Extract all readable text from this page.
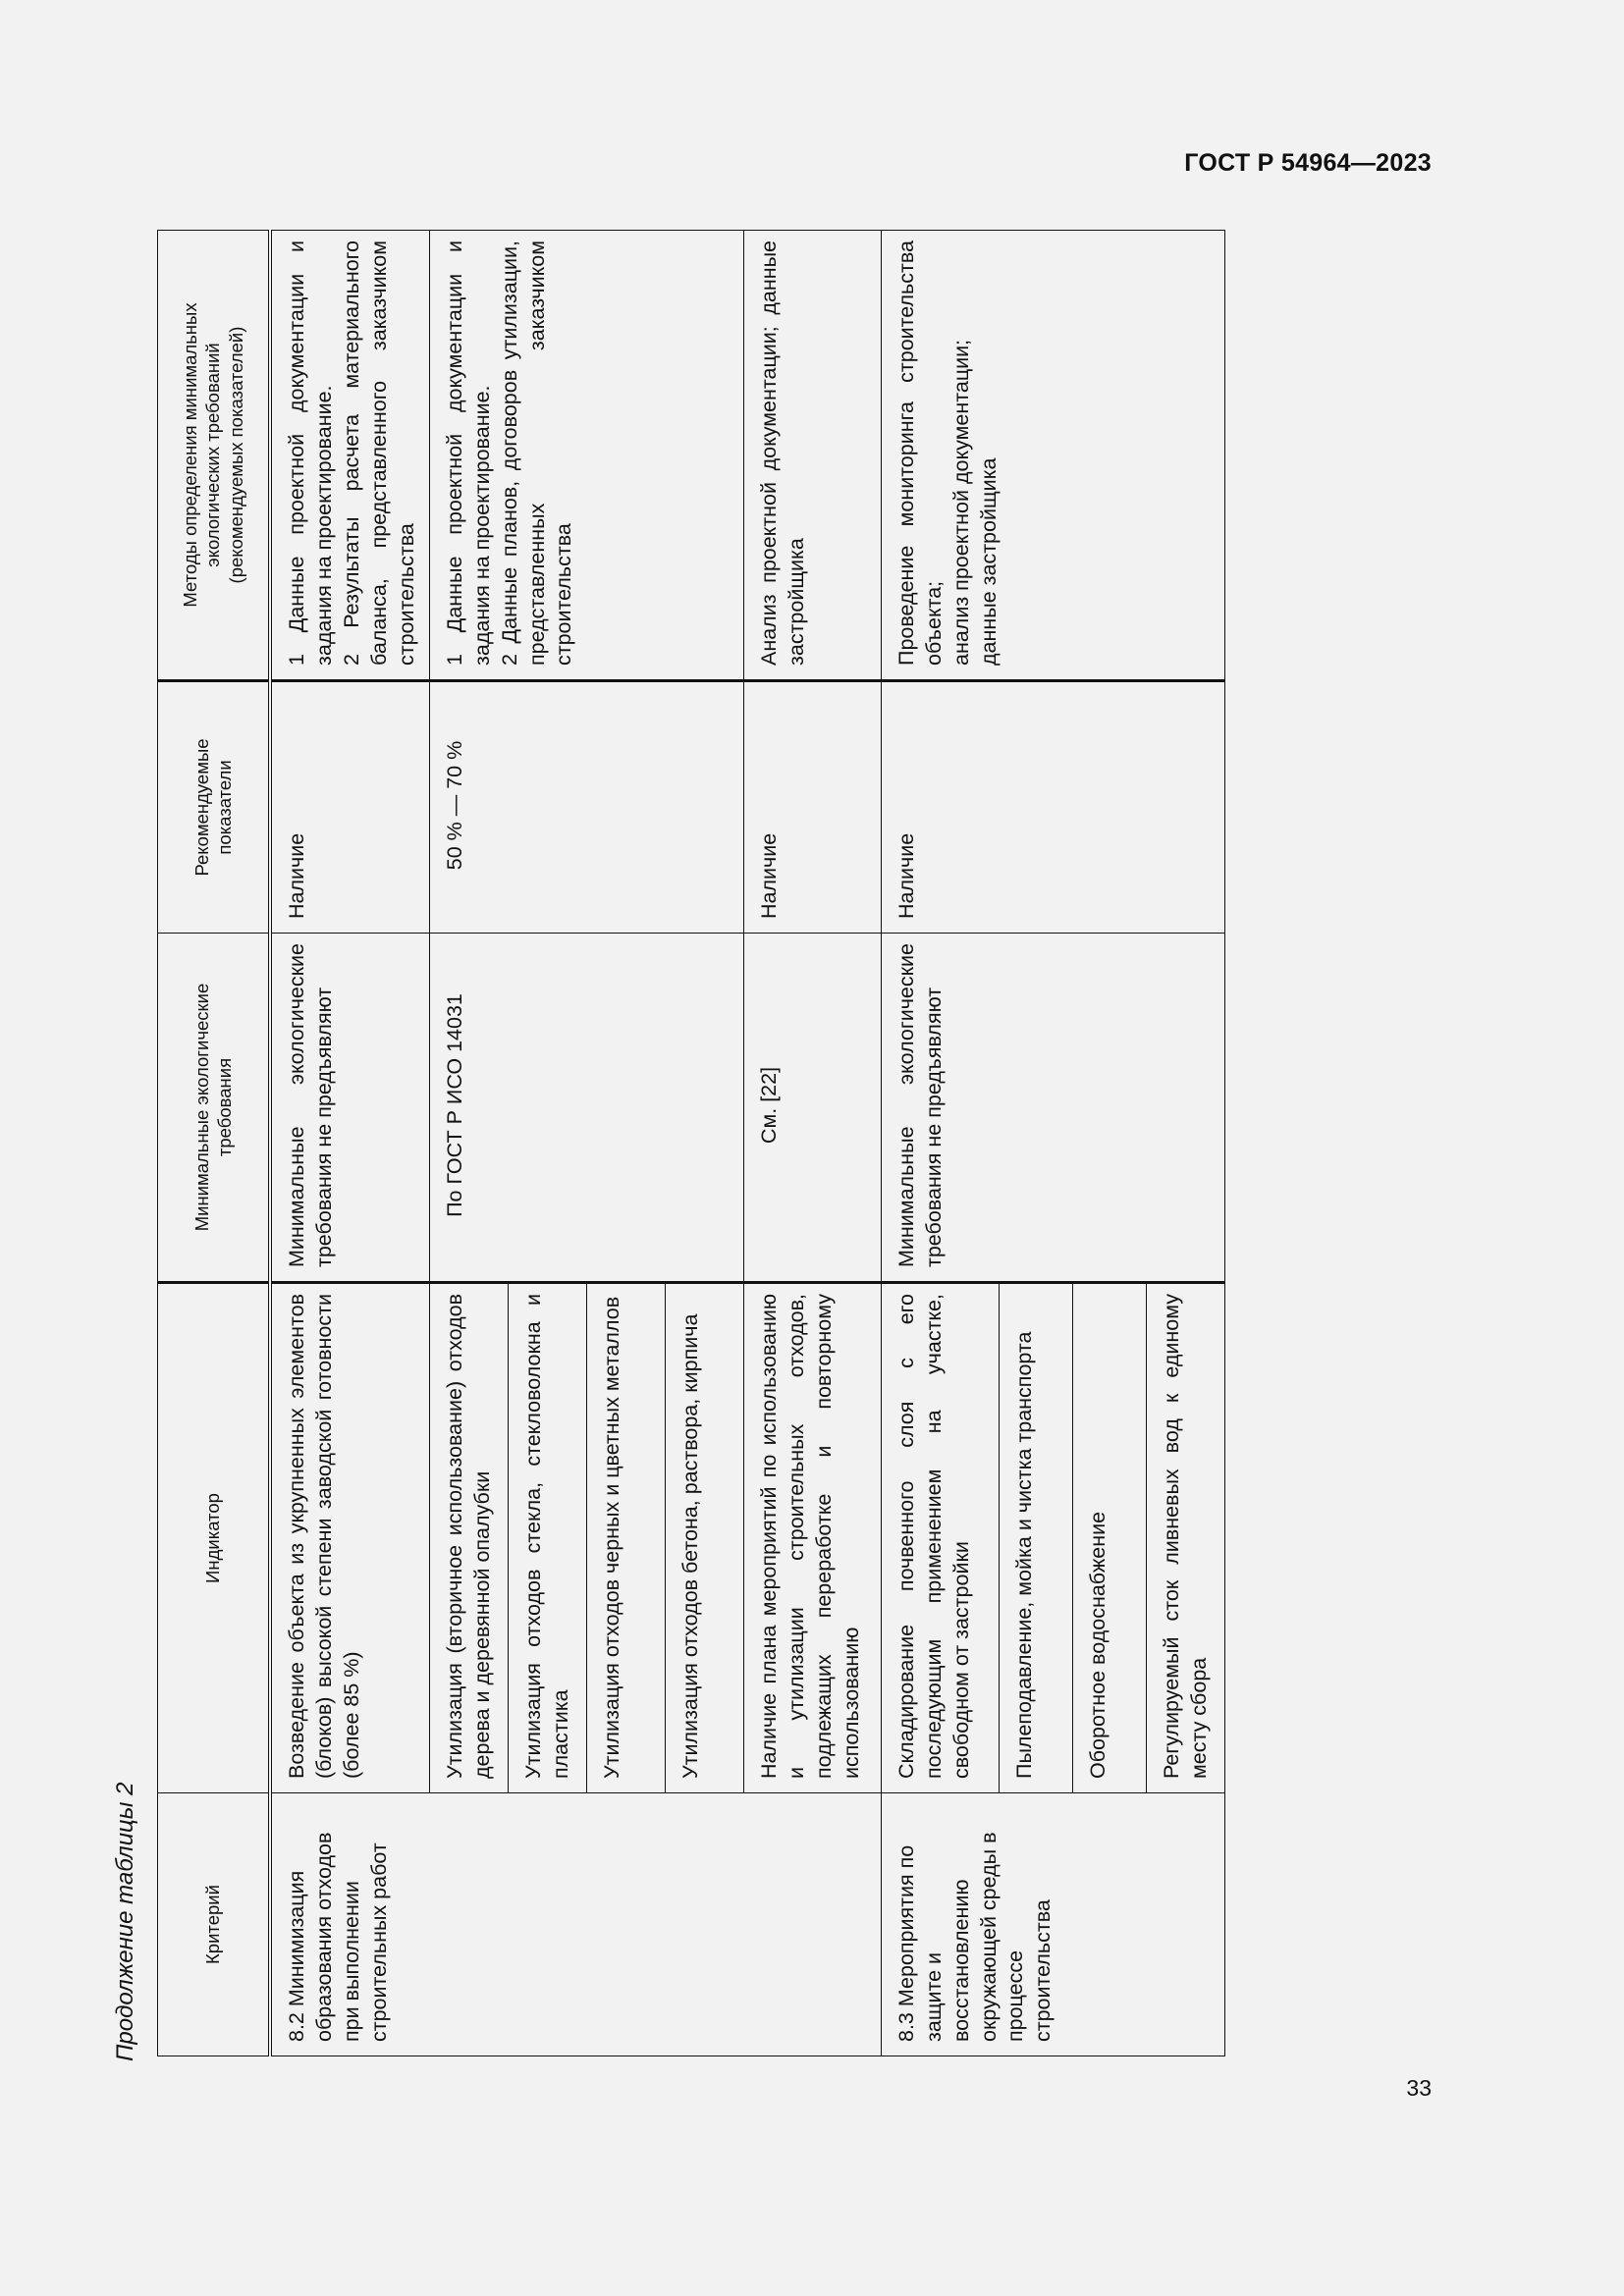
ГОСТ Р 54964—2023
Продолжение таблицы 2	Критерий	Индикатор	Минимальные экологические требования	Рекомендуемые показатели	Методы определения минимальных экологических требований (рекомендуемых показателей)

8.2 Минимизация образования отходов при выполнении строительных работ	Возведение объекта из укрупненных элементов (блоков) высокой степени заводской готовности (более 85 %)	Минимальные экологические требования не предъявляют	Наличие	1 Данные проектной документации и задания на проектирование. 2 Результаты расчета материального баланса, представленного заказчиком строительства

	Утилизация (вторичное использование) отходов дерева и деревянной опалубки	По ГОСТ Р ИСО 14031	50 % — 70 %	1 Данные проектной документации и задания на проектирование. 2 Данные планов, договоров утилизации, представленных заказчиком строительства

	Утилизация отходов стекла, стекловолокна и пластика			
	Утилизация отходов черных и цветных металлов			
	Утилизация отходов бетона, раствора, кирпича			
	Наличие плана мероприятий по использованию и утилизации строительных отходов, подлежащих переработке и повторному использованию	См. [22]	Наличие	Анализ проектной документации; данные застройщика

8.3 Мероприятия по защите и восстановлению окружающей среды в процессе строительства	Складирование почвенного слоя с его последующим применением на участке, свободном от застройки	Минимальные экологические требования не предъявляют	Наличие	Проведение мониторинга строительства объекта; анализ проектной документации; данные застройщика

	Пылеподавление, мойка и чистка транспорта			
	Оборотное водоснабжение			
	Регулируемый сток ливневых вод к единому месту сбора			
33
